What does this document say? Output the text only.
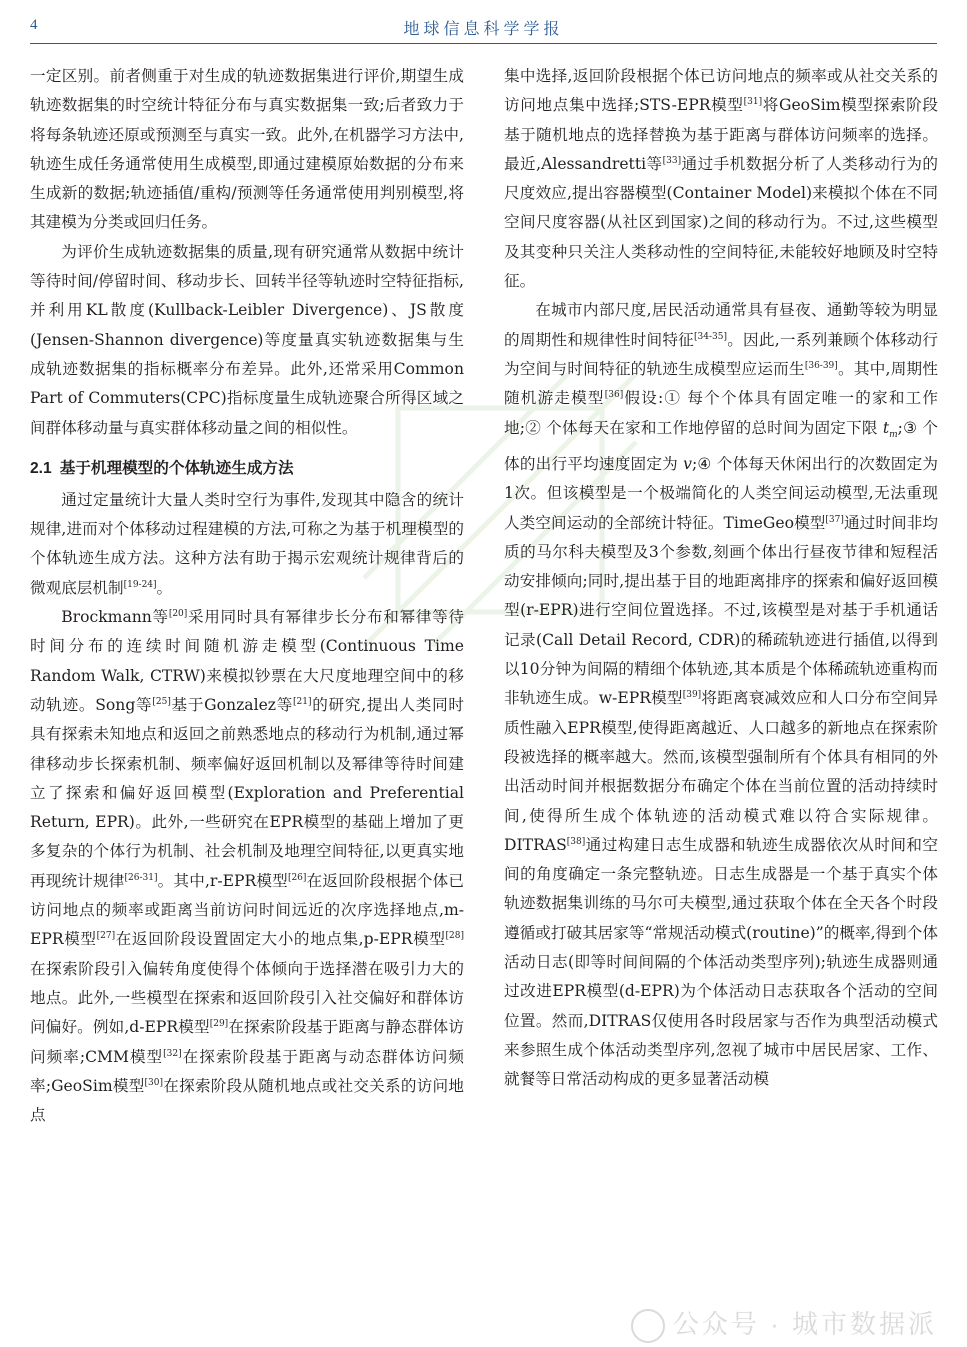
4	地球信息科学学报

一定区别。前者侧重于对生成的轨迹数据集进行评价,期望生成轨迹数据集的时空统计特征分布与真实数据集一致;后者致力于将每条轨迹还原或预测至与真实一致。此外,在机器学习方法中,轨迹生成任务通常使用生成模型,即通过建模原始数据的分布来生成新的数据;轨迹插值/重构/预测等任务通常使用判别模型,将其建模为分类或回归任务。

为评价生成轨迹数据集的质量,现有研究通常从数据中统计等待时间/停留时间、移动步长、回转半径等轨迹时空特征指标,并利用KL散度(Kullback-Leibler Divergence)、JS散度(Jensen-Shannon divergence)等度量真实轨迹数据集与生成轨迹数据集的指标概率分布差异。此外,还常采用Common Part of Commuters(CPC)指标度量生成轨迹聚合所得区域之间群体移动量与真实群体移动量之间的相似性。

2.1 基于机理模型的个体轨迹生成方法

通过定量统计大量人类时空行为事件,发现其中隐含的统计规律,进而对个体移动过程建模的方法,可称之为基于机理模型的个体轨迹生成方法。这种方法有助于揭示宏观统计规律背后的微观底层机制[19-24]。

Brockmann等[20]采用同时具有幂律步长分布和幂律等待时间分布的连续时间随机游走模型(Continuous Time Random Walk, CTRW)来模拟钞票在大尺度地理空间中的移动轨迹。Song等[25]基于Gonzalez等[21]的研究,提出人类同时具有探索未知地点和返回之前熟悉地点的移动行为机制,通过幂律移动步长探索机制、频率偏好返回机制以及幂律等待时间建立了探索和偏好返回模型(Exploration and Preferential Return, EPR)。此外,一些研究在EPR模型的基础上增加了更多复杂的个体行为机制、社会机制及地理空间特征,以更真实地再现统计规律[26-31]。其中,r-EPR模型[26]在返回阶段根据个体已访问地点的频率或距离当前访问时间远近的次序选择地点,m-EPR模型[27]在返回阶段设置固定大小的地点集,p-EPR模型[28]在探索阶段引入偏转角度使得个体倾向于选择潜在吸引力大的地点。此外,一些模型在探索和返回阶段引入社交偏好和群体访问偏好。例如,d-EPR模型[29]在探索阶段基于距离与静态群体访问频率;CMM模型[32]在探索阶段基于距离与动态群体访问频率;GeoSim模型[30]在探索阶段从随机地点或社交关系的访问地点

集中选择,返回阶段根据个体已访问地点的频率或从社交关系的访问地点集中选择;STS-EPR模型[31]将GeoSim模型探索阶段基于随机地点的选择替换为基于距离与群体访问频率的选择。最近,Alessandretti等[33]通过手机数据分析了人类移动行为的尺度效应,提出容器模型(Container Model)来模拟个体在不同空间尺度容器(从社区到国家)之间的移动行为。不过,这些模型及其变种只关注人类移动性的空间特征,未能较好地顾及时空特征。

在城市内部尺度,居民活动通常具有昼夜、通勤等较为明显的周期性和规律性时间特征[34-35]。因此,一系列兼顾个体移动行为空间与时间特征的轨迹生成模型应运而生[36-39]。其中,周期性随机游走模型[36]假设:① 每个个体具有固定唯一的家和工作地;② 个体每天在家和工作地停留的总时间为固定下限 $t_m;③$ 个体的出行平均速度固定为 v;④ 个体每天休闲出行的次数固定为1次。但该模型是一个极端简化的人类空间运动模型,无法重现人类空间运动的全部统计特征。TimeGeo模型[37]通过时间非均质的马尔科夫模型及3个参数,刻画个体出行昼夜节律和短程活动安排倾向;同时,提出基于目的地距离排序的探索和偏好返回模型(r-EPR)进行空间位置选择。不过,该模型是对基于手机通话记录(Call Detail Record, CDR)的稀疏轨迹进行插值,以得到以10分钟为间隔的精细个体轨迹,其本质是个体稀疏轨迹重构而非轨迹生成。w-EPR模型[39]将距离衰减效应和人口分布空间异质性融入EPR模型,使得距离越近、人口越多的新地点在探索阶段被选择的概率越大。然而,该模型强制所有个体具有相同的外出活动时间并根据数据分布确定个体在当前位置的活动持续时间,使得所生成个体轨迹的活动模式难以符合实际规律。DITRAS[38]通过构建日志生成器和轨迹生成器依次从时间和空间的角度确定一条完整轨迹。日志生成器是一个基于真实个体轨迹数据集训练的马尔可夫模型,通过获取个体在全天各个时段遵循或打破其居家等“常规活动模式(routine)”的概率,得到个体活动日志(即等时间间隔的个体活动类型序列);轨迹生成器则通过改进EPR模型(d-EPR)为个体活动日志获取各个活动的空间位置。然而,DITRAS仅使用各时段居家与否作为典型活动模式来参照生成个体活动类型序列,忽视了城市中居民居家、工作、就餐等日常活动构成的更多显著活动模

公众号 · 城市数据派
